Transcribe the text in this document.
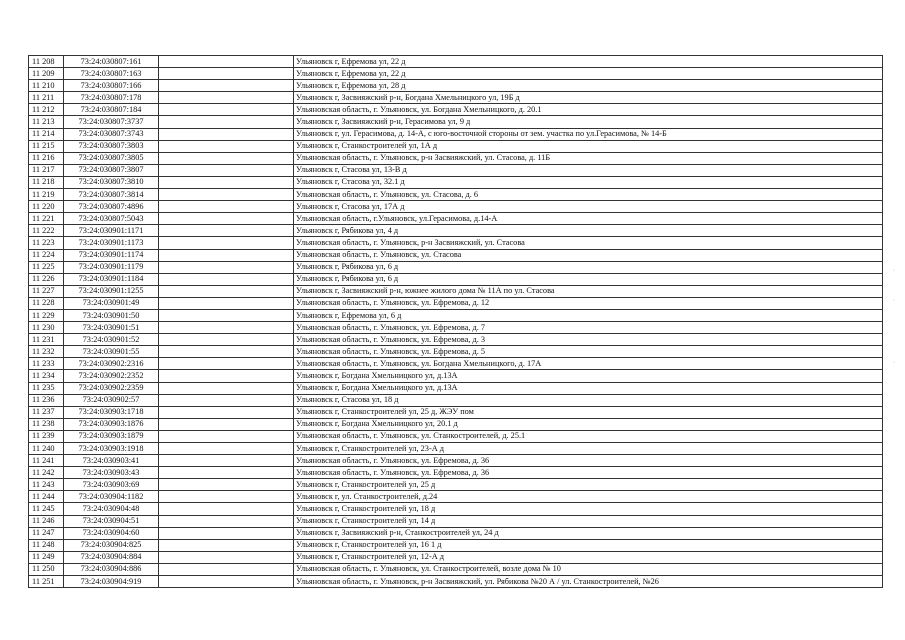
11 208	73:24:030807:161		Ульяновск г, Ефремова ул, 22 д
11 209	73:24:030807:163		Ульяновск г, Ефремова ул, 22 д
11 210	73:24:030807:166		Ульяновск г, Ефремова ул, 28 д
11 211	73:24:030807:178		Ульяновск г, Засвияжский р-н, Богдана Хмельницкого ул, 19Б д
11 212	73:24:030807:184		Ульяновская область, г. Ульяновск, ул. Богдана Хмельницкого, д. 20.1
11 213	73:24:030807:3737		Ульяновск г, Засвияжский р-н, Герасимова ул, 9 д
11 214	73:24:030807:3743		Ульяновск г, ул. Герасимова, д. 14-А, с юго-восточной стороны от зем. участка по ул.Герасимова, № 14-Б
11 215	73:24:030807:3803		Ульяновск г, Станкостроителей ул, 1А д
11 216	73:24:030807:3805		Ульяновская область, г. Ульяновск, р-н Засвияжский, ул. Стасова, д. 11Б
11 217	73:24:030807:3807		Ульяновск г, Стасова ул, 13-В д
11 218	73:24:030807:3810		Ульяновск г, Стасова ул, 32.1 д
11 219	73:24:030807:3814		Ульяновская область, г. Ульяновск, ул. Стасова, д. 6
11 220	73:24:030807:4896		Ульяновск г, Стасова ул, 17А д
11 221	73:24:030807:5043		Ульяновская область, г.Ульяновск, ул.Герасимова, д.14-А
11 222	73:24:030901:1171		Ульяновск г, Рябикова ул, 4 д
11 223	73:24:030901:1173		Ульяновская область, г. Ульяновск, р-н Засвияжский, ул. Стасова
11 224	73:24:030901:1174		Ульяновская область, г. Ульяновск, ул. Стасова
11 225	73:24:030901:1179		Ульяновск г, Рябикова ул, 6 д
11 226	73:24:030901:1184		Ульяновск г, Рябикова ул, 6 д
11 227	73:24:030901:1255		Ульяновск г, Засвияжский р-н, южнее жилого дома № 11А по ул. Стасова
11 228	73:24:030901:49		Ульяновская область, г. Ульяновск, ул. Ефремова, д. 12
11 229	73:24:030901:50		Ульяновск г, Ефремова ул, 6 д
11 230	73:24:030901:51		Ульяновская область, г. Ульяновск, ул. Ефремова, д. 7
11 231	73:24:030901:52		Ульяновская область, г. Ульяновск, ул. Ефремова, д. 3
11 232	73:24:030901:55		Ульяновская область, г. Ульяновск, ул. Ефремова, д. 5
11 233	73:24:030902:2316		Ульяновская область, г. Ульяновск, ул. Богдана Хмельницкого, д. 17А
11 234	73:24:030902:2352		Ульяновск г, Богдана Хмельницкого ул, д.13А
11 235	73:24:030902:2359		Ульяновск г, Богдана Хмельницкого ул, д.13А
11 236	73:24:030902:57		Ульяновск г, Стасова ул, 18 д
11 237	73:24:030903:1718		Ульяновск г, Станкостроителей ул, 25 д, ЖЭУ пом
11 238	73:24:030903:1876		Ульяновск г, Богдана Хмельницкого ул, 20.1 д
11 239	73:24:030903:1879		Ульяновская область, г. Ульяновск, ул. Станкостроителей, д. 25.1
11 240	73:24:030903:1918		Ульяновск г, Станкостроителей ул, 23-А д
11 241	73:24:030903:41		Ульяновская область, г. Ульяновск, ул. Ефремова, д. 36
11 242	73:24:030903:43		Ульяновская область, г. Ульяновск, ул. Ефремова, д. 36
11 243	73:24:030903:69		Ульяновск г, Станкостроителей ул, 25 д
11 244	73:24:030904:1182		Ульяновск г, ул. Станкостроителей, д.24
11 245	73:24:030904:48		Ульяновск г, Станкостроителей ул, 18 д
11 246	73:24:030904:51		Ульяновск г, Станкостроителей ул, 14 д
11 247	73:24:030904:60		Ульяновск г, Засвияжский р-н, Станкостроителей ул, 24 д
11 248	73:24:030904:825		Ульяновск г, Станкостроителей ул, 16 1 д
11 249	73:24:030904:884		Ульяновск г, Станкостроителей ул, 12-А д
11 250	73:24:030904:886		Ульяновская область, г. Ульяновск, ул. Станкостроителей, возле дома № 10
11 251	73:24:030904:919		Ульяновская область, г. Ульяновск, р-н Засвияжский, ул. Рябикова №20 А / ул. Станкостроителей, №26
·
·
·
